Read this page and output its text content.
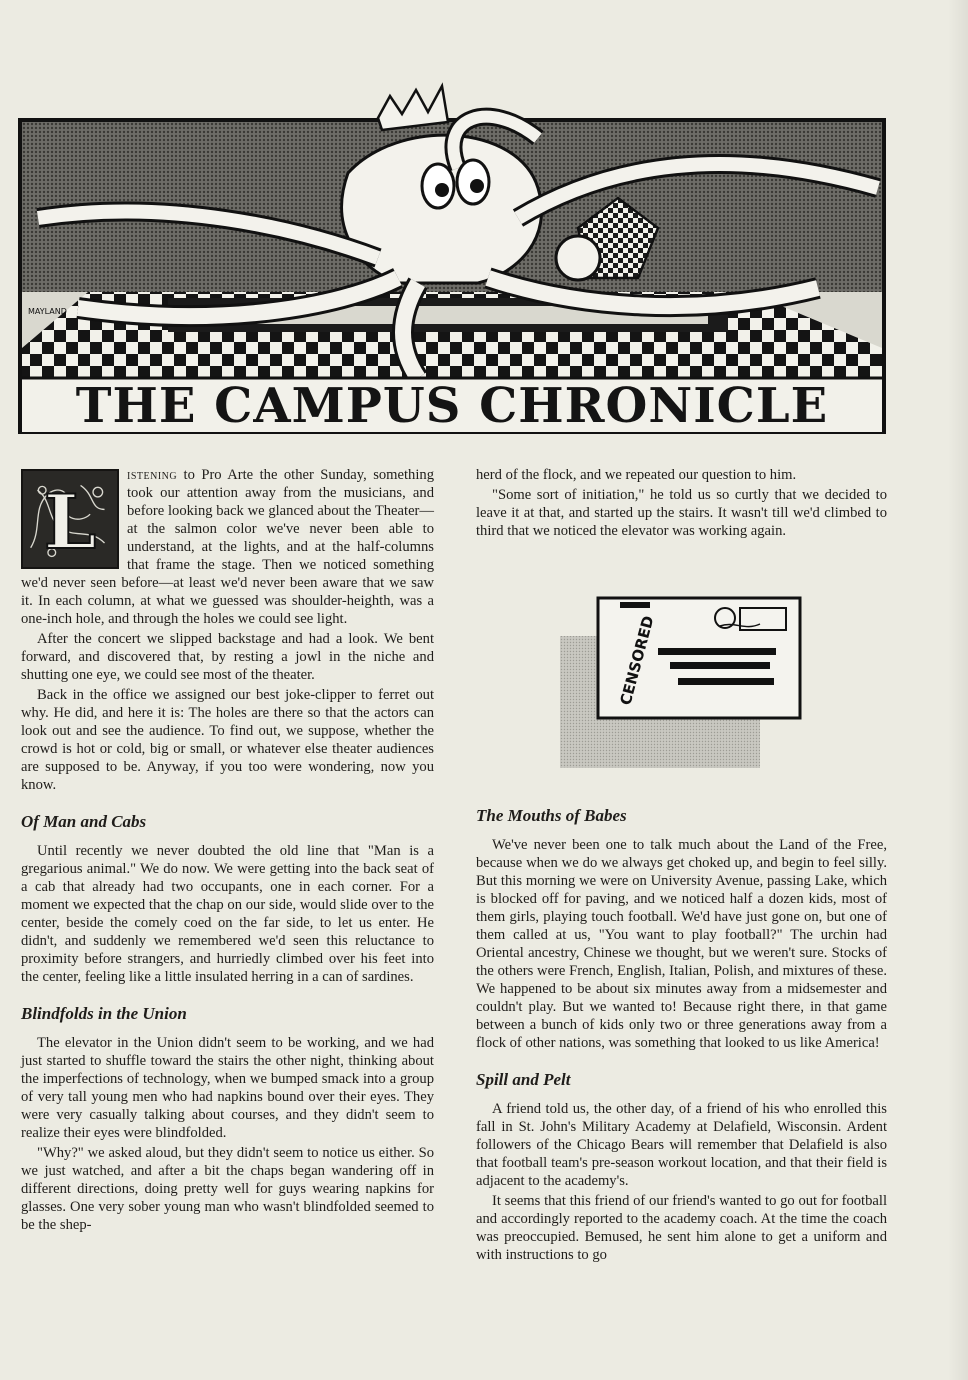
MAYLAND
THE CAMPUS CHRONICLE

L
istening to Pro Arte the other Sunday, something took our attention away from the musicians, and before looking back we glanced about the Theater—at the salmon color we've never been able to understand, at the lights, and at the half-columns that frame the stage. Then we noticed something we'd never seen before—at least we'd never been aware that we saw it. In each column, at what we guessed was shoulder-heighth, was a one-inch hole, and through the holes we could see light.

After the concert we slipped backstage and had a look. We bent forward, and discovered that, by resting a jowl in the niche and shutting one eye, we could see most of the theater.

Back in the office we assigned our best joke-clipper to ferret out why. He did, and here it is: The holes are there so that the actors can look out and see the audience. To find out, we suppose, whether the crowd is hot or cold, big or small, or whatever else theater audiences are supposed to be. Anyway, if you too were wondering, now you know.

Of Man and Cabs

Until recently we never doubted the old line that "Man is a gregarious animal." We do now. We were getting into the back seat of a cab that already had two occupants, one in each corner. For a moment we expected that the chap on our side, would slide over to the center, beside the comely coed on the far side, to let us enter. He didn't, and suddenly we remembered we'd seen this reluctance to proximity before strangers, and hurriedly climbed over his feet into the center, feeling like a little insulated herring in a can of sardines.

Blindfolds in the Union

The elevator in the Union didn't seem to be working, and we had just started to shuffle toward the stairs the other night, thinking about the imperfections of technology, when we bumped smack into a group of very tall young men who had napkins bound over their eyes. They were very casually talking about courses, and they didn't seem to realize their eyes were blindfolded.

"Why?" we asked aloud, but they didn't seem to notice us either. So we just watched, and after a bit the chaps began wandering off in different directions, doing pretty well for guys wearing napkins for glasses. One very sober young man who wasn't blindfolded seemed to be the shep-

herd of the flock, and we repeated our question to him.

"Some sort of initiation," he told us so curtly that we decided to leave it at that, and started up the stairs. It wasn't till we'd climbed to third that we noticed the elevator was working again.

The Mouths of Babes

We've never been one to talk much about the Land of the Free, because when we do we always get choked up, and begin to feel silly. But this morning we were on University Avenue, passing Lake, which is blocked off for paving, and we noticed half a dozen kids, most of them girls, playing touch football. We'd have just gone on, but one of them called at us, "You want to play football?" The urchin had Oriental ancestry, Chinese we thought, but we weren't sure. Stocks of the others were French, English, Italian, Polish, and mixtures of these. We happened to be about six minutes away from a midsemester and couldn't play. But we wanted to! Because right there, in that game between a bunch of kids only two or three generations away from a flock of other nations, was something that looked to us like America!

Spill and Pelt

A friend told us, the other day, of a friend of his who enrolled this fall in St. John's Military Academy at Delafield, Wisconsin. Ardent followers of the Chicago Bears will remember that Delafield is also that football team's pre-season workout location, and that their field is adjacent to the academy's.

It seems that this friend of our friend's wanted to go out for football and accordingly reported to the academy coach. At the time the coach was preoccupied. Bemused, he sent him alone to get a uniform and with instructions to go

CENSORED
